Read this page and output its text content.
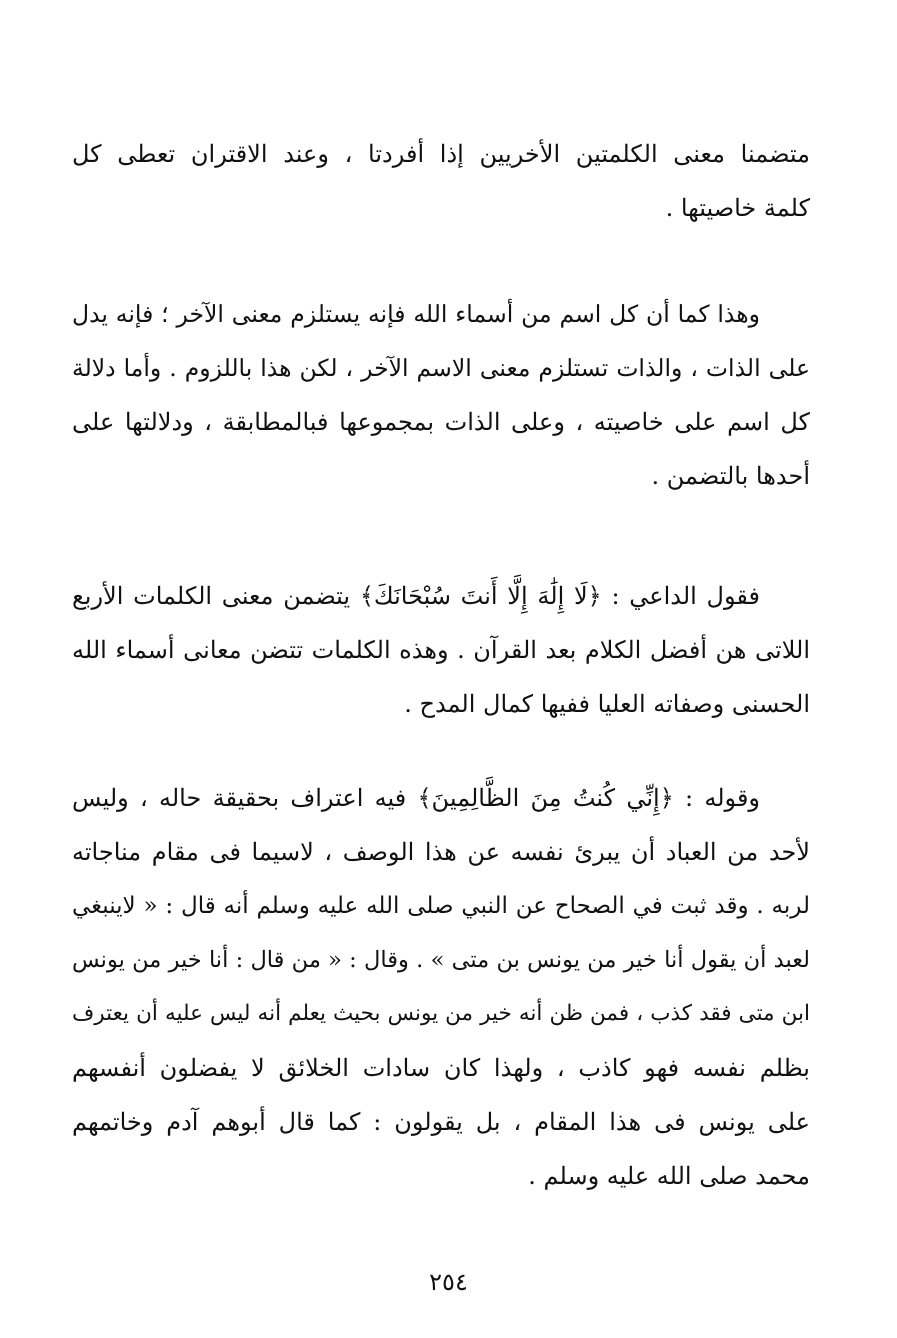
متضمنا معنى الكلمتين الأخريين إذا أفردتا ، وعند الاقتران تعطى كل
كلمة خاصيتها .
وهذا كما أن كل اسم من أسماء الله فإنه يستلزم معنى الآخر ؛ فإنه يدل
على الذات ، والذات تستلزم معنى الاسم الآخر ، لكن هذا باللزوم . وأما دلالة
كل اسم على خاصيته ، وعلى الذات بمجموعها فبالمطابقة ، ودلالتها على
أحدها بالتضمن .
فقول الداعي : ﴿لَا إِلَٰهَ إِلَّا أَنتَ سُبْحَانَكَ﴾ يتضمن معنى الكلمات الأربع
اللاتى هن أفضل الكلام بعد القرآن . وهذه الكلمات تتضن معانى أسماء الله
الحسنى وصفاته العليا ففيها كمال المدح .
وقوله : ﴿إِنِّي كُنتُ مِنَ الظَّالِمِينَ﴾ فيه اعتراف بحقيقة حاله ، وليس
لأحد من العباد أن يبرئ نفسه عن هذا الوصف ، لاسيما فى مقام مناجاته
لربه . وقد ثبت في الصحاح عن النبي صلى الله عليه وسلم أنه قال : « لاينبغي
لعبد أن يقول أنا خير من يونس بن متى » . وقال : « من قال : أنا خير من يونس
ابن متى فقد كذب ، فمن ظن أنه خير من يونس بحيث يعلم أنه ليس عليه أن يعترف
بظلم نفسه فهو كاذب ، ولهذا كان سادات الخلائق لا يفضلون أنفسهم
على يونس فى هذا المقام ، بل يقولون : كما قال أبوهم آدم وخاتمهم
محمد صلى الله عليه وسلم .
٢٥٤
